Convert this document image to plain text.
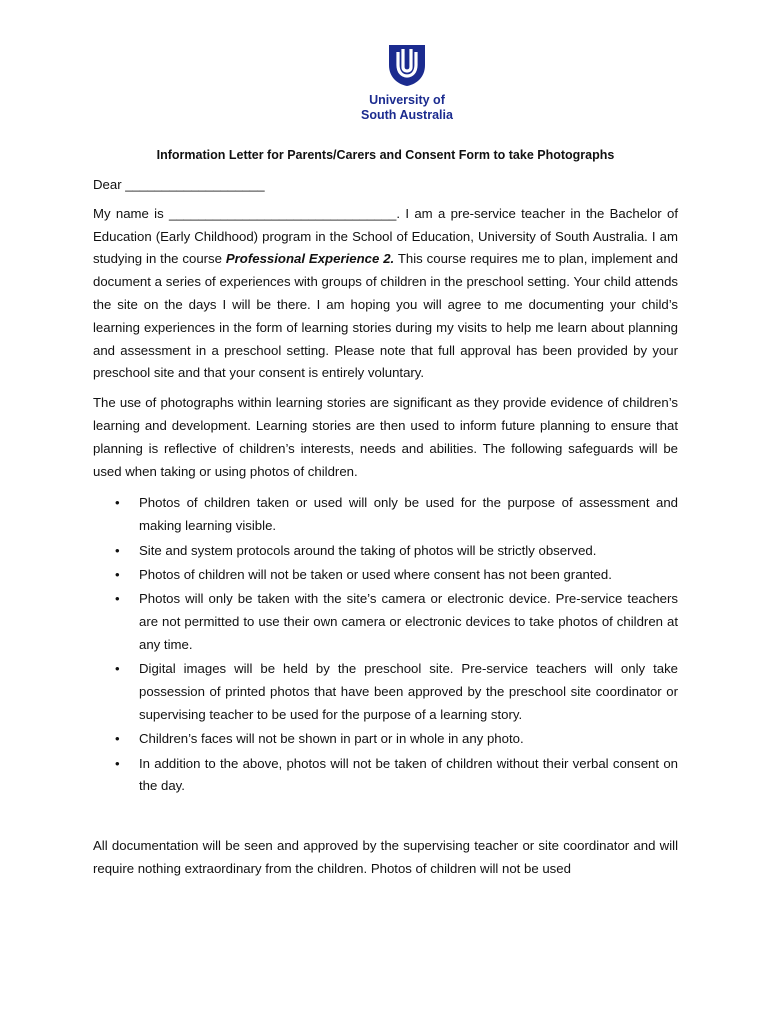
University of
South Australia
Information Letter for Parents/Carers and Consent Form to take Photographs

Dear ___________________

My name is _______________________________. I am a pre-service teacher in the Bachelor of Education (Early Childhood) program in the School of Education, University of South Australia. I am studying in the course Professional Experience 2. This course requires me to plan, implement and document a series of experiences with groups of children in the preschool setting. Your child attends the site on the days I will be there. I am hoping you will agree to me documenting your child’s learning experiences in the form of learning stories during my visits to help me learn about planning and assessment in a preschool setting. Please note that full approval has been provided by your preschool site and that your consent is entirely voluntary.

The use of photographs within learning stories are significant as they provide evidence of children’s learning and development. Learning stories are then used to inform future planning to ensure that planning is reflective of children’s interests, needs and abilities. The following safeguards will be used when taking or using photos of children.

• Photos of children taken or used will only be used for the purpose of assessment and making learning visible.
• Site and system protocols around the taking of photos will be strictly observed.
• Photos of children will not be taken or used where consent has not been granted.
• Photos will only be taken with the site’s camera or electronic device. Pre-service teachers are not permitted to use their own camera or electronic devices to take photos of children at any time.
• Digital images will be held by the preschool site. Pre-service teachers will only take possession of printed photos that have been approved by the preschool site coordinator or supervising teacher to be used for the purpose of a learning story.
• Children’s faces will not be shown in part or in whole in any photo.
• In addition to the above, photos will not be taken of children without their verbal consent on the day.

All documentation will be seen and approved by the supervising teacher or site coordinator and will require nothing extraordinary from the children. Photos of children will not be used
